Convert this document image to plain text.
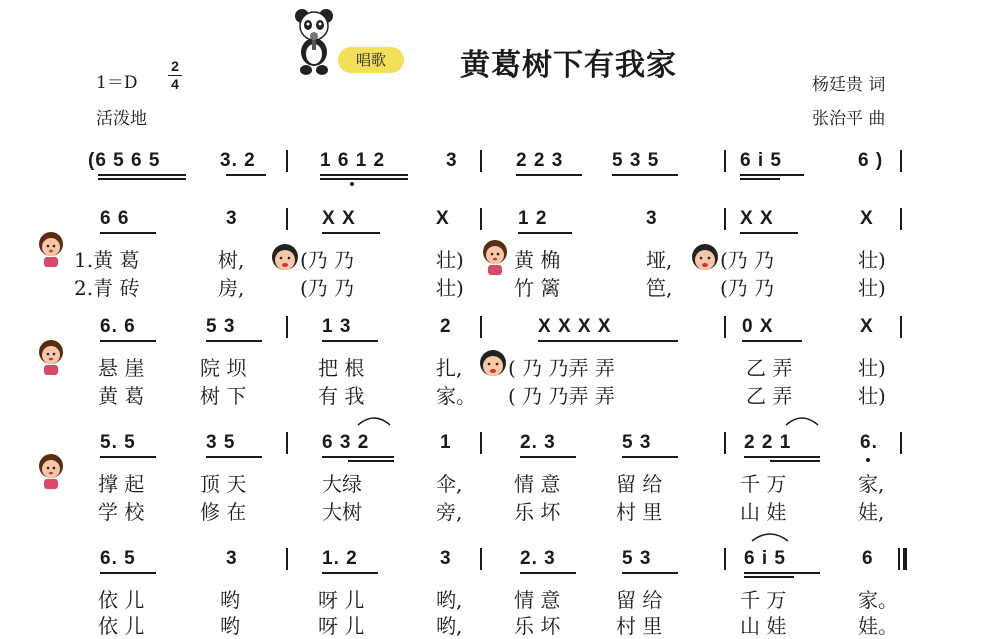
唱歌	黄葛树下有我家
1＝D
2
4
活泼地
杨廷贵 词
张治平 曲
(6 5 6 5	3. 2	1 6 1 2	3	2 2 3	5 3 5	6 i 5	6 )
6 6	3	X X	X	1 2	3	X X	X
1.黄 葛	树,	(乃 乃	壮)	黄 桷	垭, (乃 乃	壮)
2.青 砖	房,	(乃 乃	壮)	竹 篱	笆, (乃 乃	壮)
6. 6	5 3	1 3	2	X X X X	0 X	X
悬 崖	院 坝	把 根	扎, ( 乃 乃弄 弄	乙 弄	壮)
黄 葛	树 下	有 我	家。 ( 乃 乃弄 弄	乙 弄	壮)
5. 5	3 5	6 3 2	1	2. 3	5 3	2 2 1	6.
撑 起	顶 天	大绿	伞,	情 意	留 给	千 万	家,
学 校	修 在	大树	旁,	乐 坏	村 里	山 娃	娃,
6. 5	3	1. 2	3	2. 3	5 3	6 i 5	6
依 儿	哟	呀 儿	哟,	情 意	留 给	千 万	家。
依 儿	哟	呀 儿	哟,	乐 坏	村 里	山 娃	娃。
